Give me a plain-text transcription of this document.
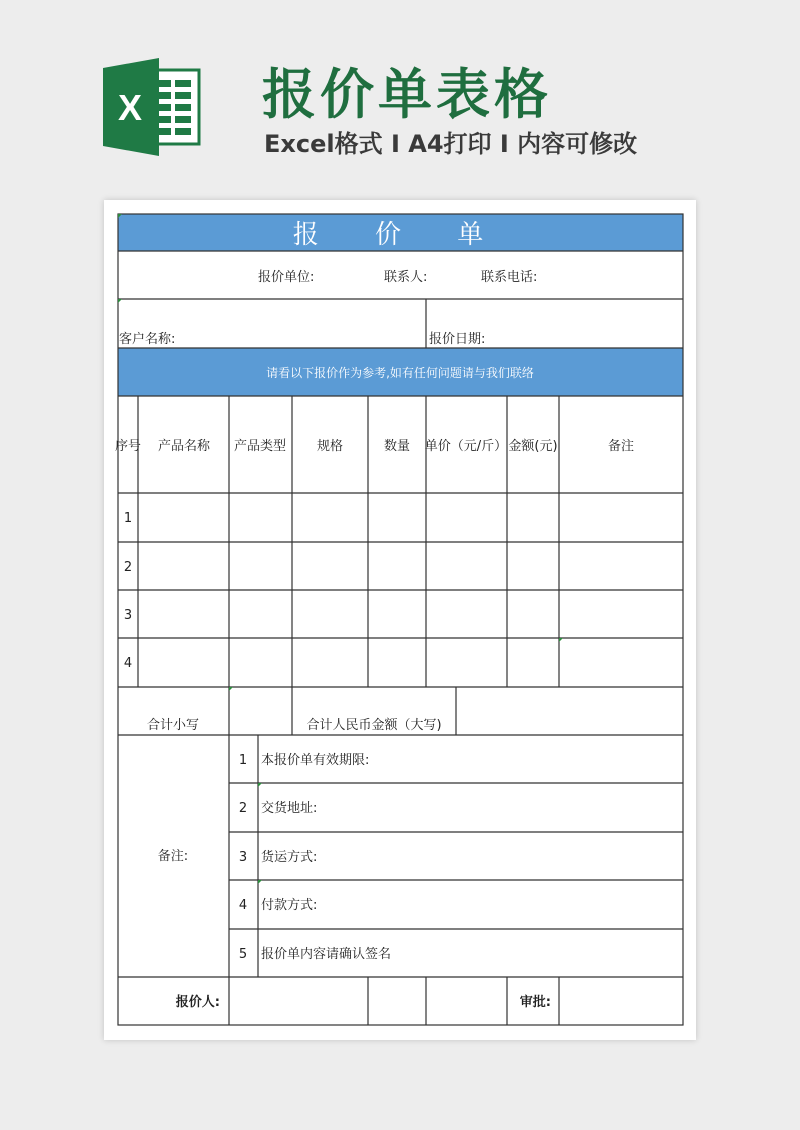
X 报价单表格
Excel格式 Ⅰ A4打印 Ⅰ 内容可修改
报 价 单
报价单位:	联系人:	联系电话:
客户名称:	报价日期:
请看以下报价作为参考,如有任何问题请与我们联络
序号 产品名称 产品类型 规格	数量 单价（元/斤） 金额(元)	备注
1
2
3
4
合计小写	合计人民币金额（大写)
备注:
1 本报价单有效期限:
2 交货地址:
3 货运方式:
4 付款方式:
5 报价单内容请确认签名
报价人:	审批:
